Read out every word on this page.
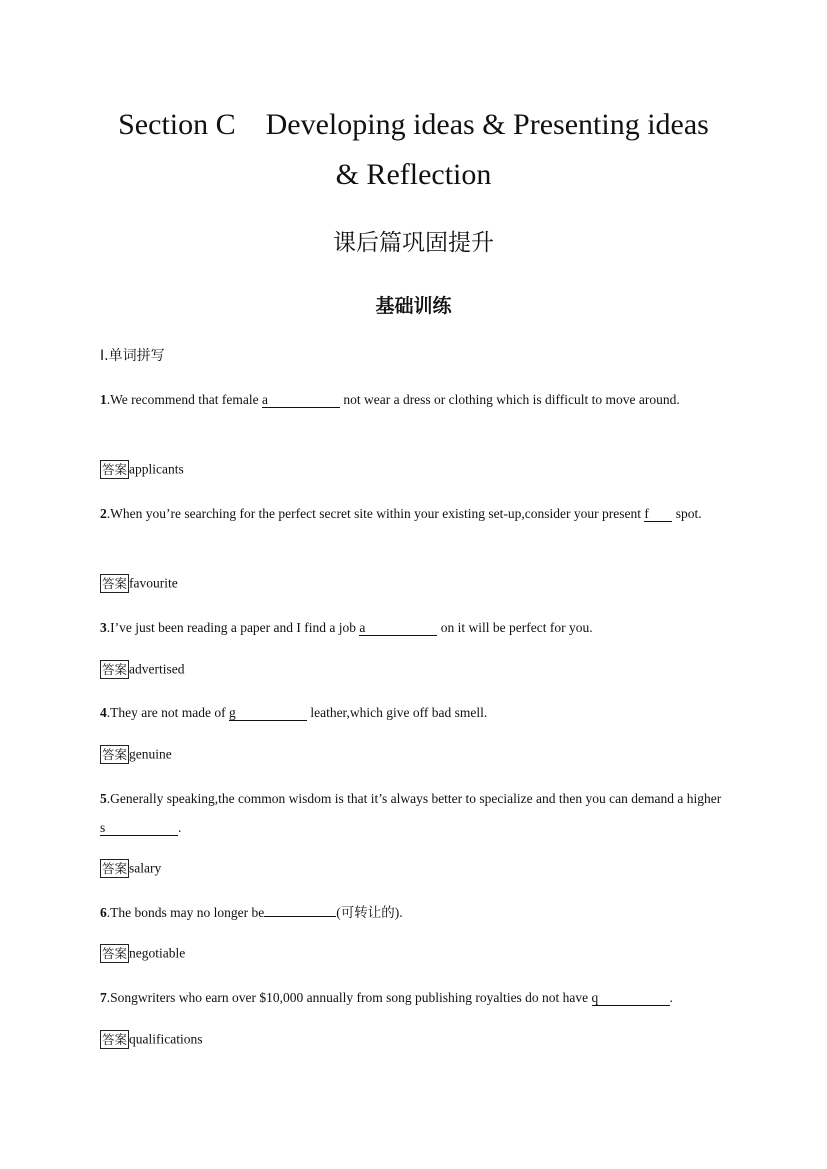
Section C    Developing ideas & Presenting ideas
& Reflection
课后篇巩固提升
基础训练
Ⅰ.单词拼写
1.We recommend that female a	not wear a dress or clothing which is difficult to move around.
答案 applicants
2.When you’re searching for the perfect secret site within your existing set-up,consider your present f spot.
答案 favourite
3.I’ve just been reading a paper and I find a job a	on it will be perfect for you.
答案 advertised
4.They are not made of g	leather,which give off bad smell.
答案 genuine
5.Generally speaking,the common wisdom is that it’s always better to specialize and then you can demand a higher s	.
答案 salary
6.The bonds may no longer be	(可转让的).
答案 negotiable
7.Songwriters who earn over $10,000 annually from song publishing royalties do not have q	.
答案 qualifications
